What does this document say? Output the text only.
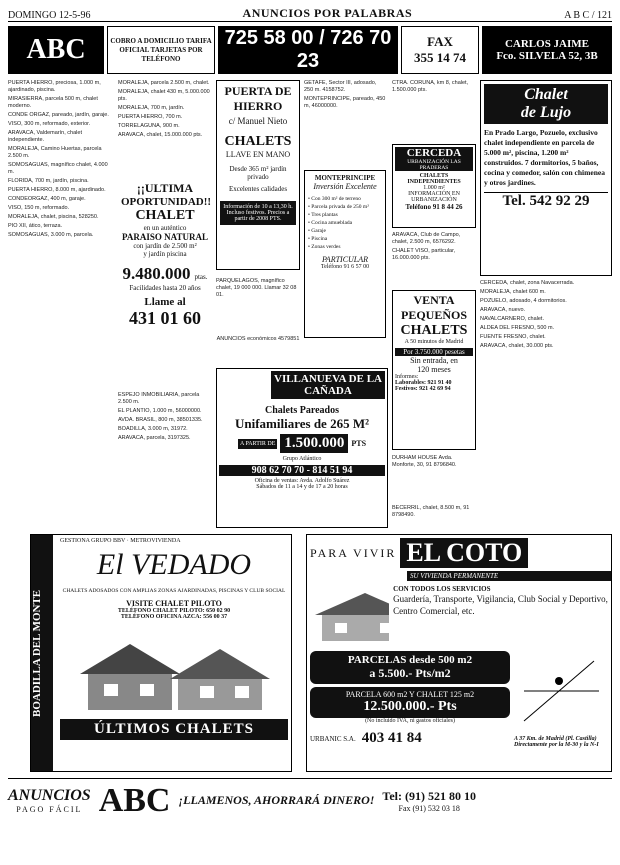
DOMINGO 12-5-96	ANUNCIOS POR PALABRAS	A B C / 121
ABC	COBRO A DOMICILIO TARIFA OFICIAL TARJETAS POR TELÉFONO
725 58 00 / 726 70 23
FAX
355 14 74
CARLOS JAIME
Fco. SILVELA 52, 3B

PUERTA HIERRO, preciosa, 1.000 m, ajardinado, piscina.

MIRASIERRA, parcela 500 m, chalet moderno.

CONDE ORGAZ, pareado, jardín, garaje.

VISO, 300 m, reformado, exterior.

ARAVACA, Valdemarín, chalet independiente.

MORALEJA, Camino Huertas, parcela 2.500 m.

SOMOSAGUAS, magnífico chalet, 4.000 m.

FLORIDA, 700 m, jardín, piscina.

PUERTA HIERRO, 8.000 m, ajardinado.

CONDEORGAZ, 400 m, garaje.

VISO, 150 m, reformado.

MORALEJA, chalet, piscina, 528250.

PIO XII, ático, terraza.

SOMOSAGUAS, 3.000 m, parcela.

MORALEJA, parcela 2.500 m, chalet.

MORALEJA, chalet 430 m, 5.000.000 pts.

MORALEJA, 700 m, jardín.

PUERTA HIERRO, 700 m.

TORRELAGUNA, 900 m.

ARAVACA, chalet, 15.000.000 pts.

PUERTA DE HIERRO
c/ Manuel Nieto
CHALETS
LLAVE EN MANO
Desde 365 m² jardín privado
Excelentes calidades
Información de 10 a 13,30 h. Incluso festivos. Precios a partir de 2008 PTS.
¡¡ULTIMA
OPORTUNIDAD!!
CHALET
en un auténtico
PARAISO NATURAL
con jardín de 2.500 m²
y jardín piscina
9.480.000 ptas.
Facilidades hasta 20 años
Llame al
431 01 60

ESPEJO INMOBILIARIA, parcela 2.500 m.

EL PLANTIO, 1.000 m, 56000000.

AVDA. BRASIL, 800 m, 38501335.

BOADILLA, 3.000 m, 31972.

ARAVACA, parcela, 3197325.

PARQUELAGOS, magnífico chalet, 19 000 000. Llamar 32 08 01.

ANUNCIOS económicos 4579851

GETAFE, Sector III, adosado, 250 m. 4158752.

MONTEPRINCIPE, pareado, 450 m, 46000000.

MONTEPRINCIPE
Inversión Excelente
• Con 300 m² de terreno
• Parcela privada de 250 m²
• Tres plantas
• Cocina amueblada
• Garaje
• Piscina
• Zonas verdes
PARTICULAR
Teléfono 91 6 57 00

CTRA. CORUÑA, km 8, chalet, 1.500.000 pts.

CERCEDA
URBANIZACIÓN LAS PRADERAS
CHALETS INDEPENDIENTES
1.000 m²
INFORMACIÓN EN URBANIZACIÓN
Teléfono 91 8 44 26

ARAVACA, Club de Campo, chalet, 2.500 m, 6576292.

CHALET VISO, particular, 16.000.000 pts.

VENTA
PEQUEÑOS
CHALETS
A 50 minutos de Madrid
Por 3.750.000 pesetas
Sin entrada, en
120 meses
Informes:
Laborables: 921 91 40
Festivos: 921 42 69 94

DURHAM HOUSE Avda. Monforte, 30, 91 8796840.

BECERRIL, chalet, 8.500 m, 91 8798490.

VILLANUEVA DE LA CAÑADA
Chalets Pareados
Unifamiliares de 265 M²
A PARTIR DE 1.500.000 PTS
Grupo Atlántico
908 62 70 70 - 814 51 94
Oficina de ventas: Avda. Adolfo Suárez
Sábados de 11 a 14 y de 17 a 20 horas
Chalet
de Lujo
En Prado Largo, Pozuelo, exclusivo chalet independiente en parcela de 5.000 m², piscina, 1.200 m² construidos. 7 dormitorios, 5 baños, cocina y comedor, salón con chimenea y otros jardines.
Tel. 542 92 29

CERCEDA, chalet, zona Navacerrada.

MORALEJA, chalet 600 m.

POZUELO, adosado, 4 dormitorios.

ARAVACA, nuevo.

NAVALCARNERO, chalet.

ALDEA DEL FRESNO, 500 m.

FUENTE FRESNO, chalet.

ARAVACA, chalet, 30.000 pts.

BOADILLA DEL MONTE
GESTIONA GRUPO BBV · METROVIVIENDA
El VEDADO
CHALETS ADOSADOS CON AMPLIAS ZONAS AJARDINADAS, PISCINAS Y CLUB SOCIAL
VISITE CHALET PILOTO
TELÉFONO CHALET PILOTO: 650 02 90
TELÉFONO OFICINA AZCA: 556 00 37
ÚLTIMOS CHALETS
PARA VIVIR EL COTO
SU VIVIENDA PERMANENTE
CON TODOS LOS SERVICIOS
Guardería, Transporte, Vigilancia, Club Social y Deportivo, Centro Comercial, etc.
PARCELAS desde 500 m2
a 5.500.- Pts/m2
PARCELA 600 m2 Y CHALET 125 m2
12.500.000.- Pts
(No incluido IVA, ni gastos oficiales)
URBANIC S.A. 403 41 84	A 37 Km. de Madrid (Pl. Castilla)
Directamente por la M-30 y la N-I
ANUNCIOS
PAGO FÁCIL ABC ¡LLAMENOS, AHORRARÁ DINERO! Tel: (91) 521 80 10
Fax (91) 532 03 18
